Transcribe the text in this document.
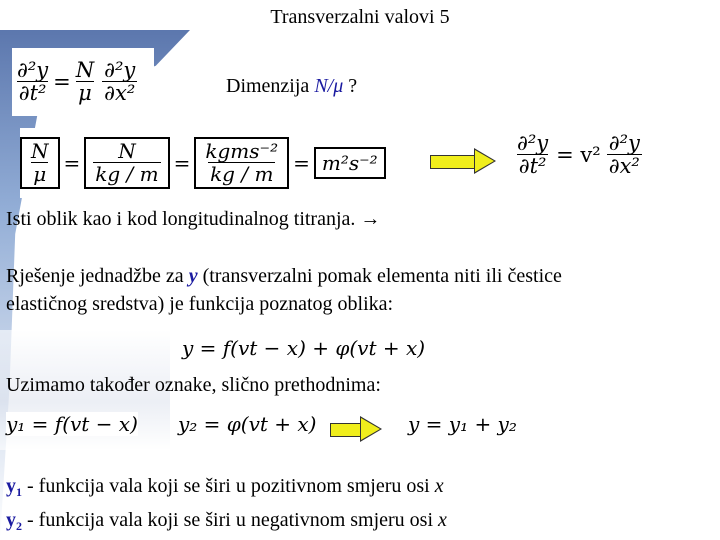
Transverzalni valovi 5
$\frac{\text{∂²y}}{\text{∂t²}} = \frac{N}{\mu} \frac{\text{∂²y}}{\text{∂x²}}$	Dimenzija N/μ ?
$\frac{N}{\mu} = \frac{N}{kg / m} = \frac{\text{kgms⁻²}}{kg / m} = m^2s^{-2}$	$\frac{\text{∂²y}}{\text{∂t²}} = v^2 \frac{\text{∂²y}}{\text{∂x²}}$
Isti oblik kao i kod longitudinalnog titranja. →
Rješenje jednadžbe za y (transverzalni pomak elementa niti ili čestice
elastičnog sredstva) je funkcija poznatog oblika:
y = f(vt − x) + φ(vt + x)
Uzimamo također oznake, slično prethodnima:
y₁ = f(vt − x) y₂ = φ(vt + x)	y = y₁ + y₂
$y_1$ - funkcija vala koji se širi u pozitivnom smjeru osi x
$y_2$ - funkcija vala koji se širi u negativnom smjeru osi x
